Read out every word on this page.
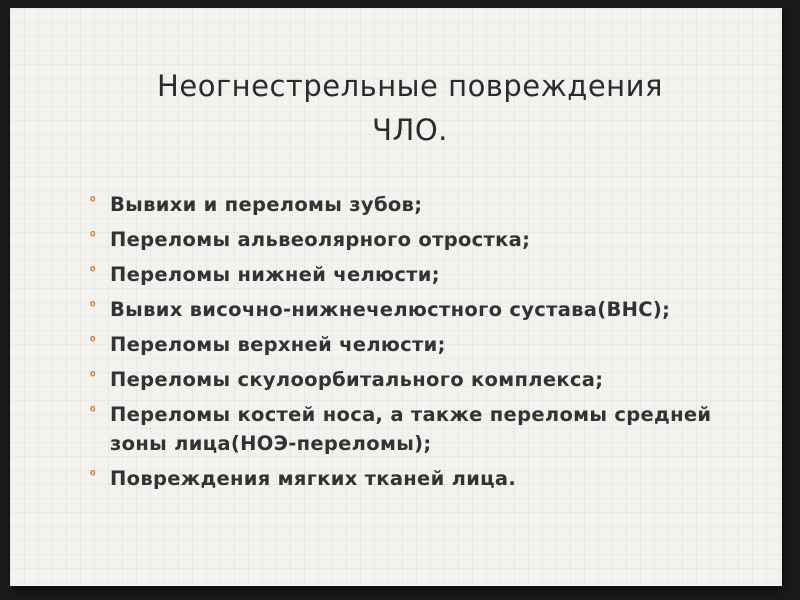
Неогнестрельные повреждения
ЧЛО.
⁰ Вывихи и переломы зубов;
⁰ Переломы альвеолярного отростка;
⁰ Переломы нижней челюсти;
⁰ Вывих височно-нижнечелюстного сустава(ВНС);
⁰ Переломы верхней челюсти;
⁰ Переломы скулоорбитального комплекса;
⁰ Переломы костей носа, а также переломы средней зоны лица(НОЭ-переломы);
⁰ Повреждения мягких тканей лица.
